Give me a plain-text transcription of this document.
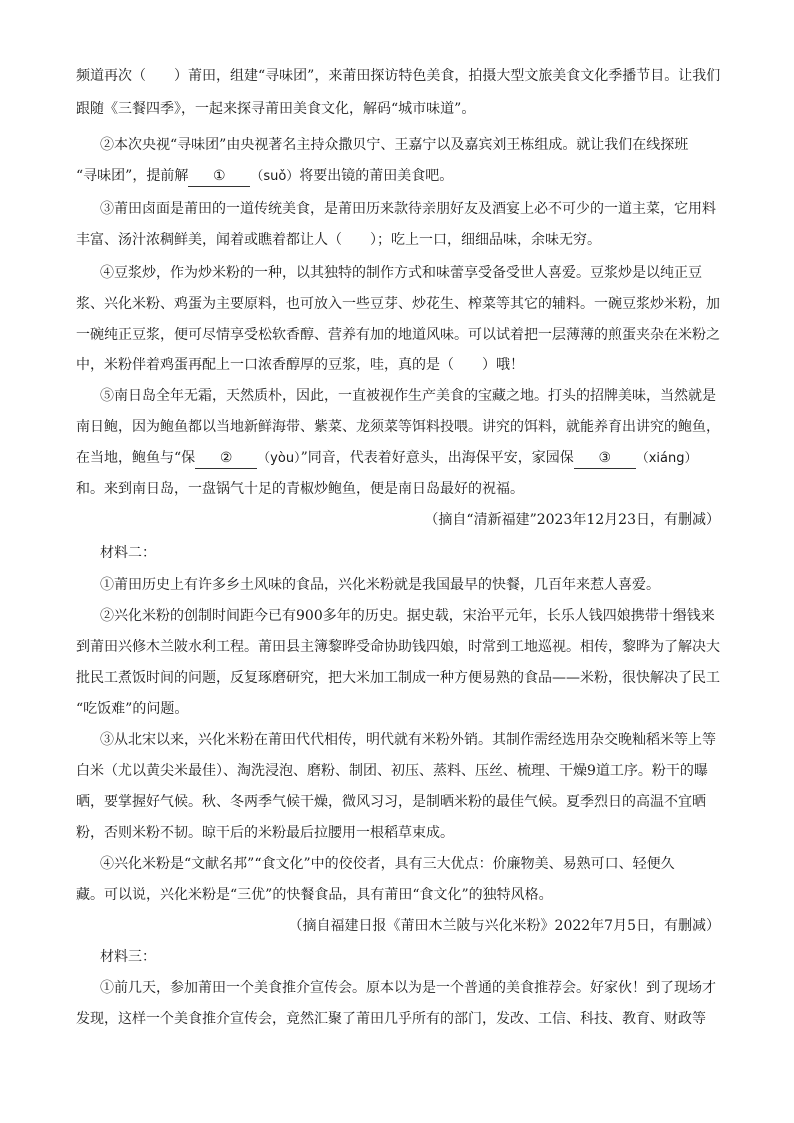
频道再次（　　）莆田，组建“寻味团”，来莆田探访特色美食，拍摄大型文旅美食文化季播节目。让我们
跟随《三餐四季》，一起来探寻莆田美食文化，解码“城市味道”。
②本次央视“寻味团”由央视著名主持众撒贝宁、王嘉宁以及嘉宾刘王栋组成。就让我们在线探班
“寻味团”，提前解 ① （suǒ）将要出镜的莆田美食吧。
③莆田卤面是莆田的一道传统美食，是莆田历来款待亲朋好友及酒宴上必不可少的一道主菜，它用料
丰富、汤汁浓稠鲜美，闻着或瞧着都让人（　　）；吃上一口，细细品味，余味无穷。
④豆浆炒，作为炒米粉的一种，以其独特的制作方式和味蕾享受备受世人喜爱。豆浆炒是以纯正豆
浆、兴化米粉、鸡蛋为主要原料，也可放入一些豆芽、炒花生、榨菜等其它的辅料。一碗豆浆炒米粉，加
一碗纯正豆浆，便可尽情享受松软香醇、营养有加的地道风味。可以试着把一层薄薄的煎蛋夹杂在米粉之
中，米粉伴着鸡蛋再配上一口浓香醇厚的豆浆，哇，真的是（　　）哦！
⑤南日岛全年无霜，天然质朴，因此，一直被视作生产美食的宝藏之地。打头的招牌美味，当然就是
南日鲍，因为鲍鱼都以当地新鲜海带、紫菜、龙须菜等饵料投喂。讲究的饵料，就能养育出讲究的鲍鱼，
在当地，鲍鱼与“保 ② （yòu）”同音，代表着好意头，出海保平安，家园保 ③ （xiáng）
和。来到南日岛，一盘锅气十足的青椒炒鲍鱼，便是南日岛最好的祝福。
（摘自“清新福建”2023年12月23日，有删减）
材料二：
①莆田历史上有许多乡土风味的食品，兴化米粉就是我国最早的快餐，几百年来惹人喜爱。
②兴化米粉的创制时间距今已有900多年的历史。据史载，宋治平元年，长乐人钱四娘携带十缗钱来
到莆田兴修木兰陂水利工程。莆田县主簿黎晔受命协助钱四娘，时常到工地巡视。相传，黎晔为了解决大
批民工煮饭时间的问题，反复琢磨研究，把大米加工制成一种方便易熟的食品——米粉，很快解决了民工
“吃饭难”的问题。
③从北宋以来，兴化米粉在莆田代代相传，明代就有米粉外销。其制作需经选用杂交晚籼稻米等上等
白米（尤以黄尖米最佳）、淘洗浸泡、磨粉、制团、初压、蒸料、压丝、梳理、干燥9道工序。粉干的曝
晒，要掌握好气候。秋、冬两季气候干燥，微风习习，是制晒米粉的最佳气候。夏季烈日的高温不宜晒
粉，否则米粉不韧。晾干后的米粉最后拉腰用一根稻草束成。
④兴化米粉是“文献名邦”“食文化”中的佼佼者，具有三大优点：价廉物美、易熟可口、轻便久
藏。可以说，兴化米粉是“三优”的快餐食品，具有莆田“食文化”的独特风格。
（摘自福建日报《莆田木兰陂与兴化米粉》2022年7月5日，有删减）
材料三：
①前几天，参加莆田一个美食推介宣传会。原本以为是一个普通的美食推荐会。好家伙！到了现场才
发现，这样一个美食推介宣传会，竟然汇聚了莆田几乎所有的部门，发改、工信、科技、教育、财政等
